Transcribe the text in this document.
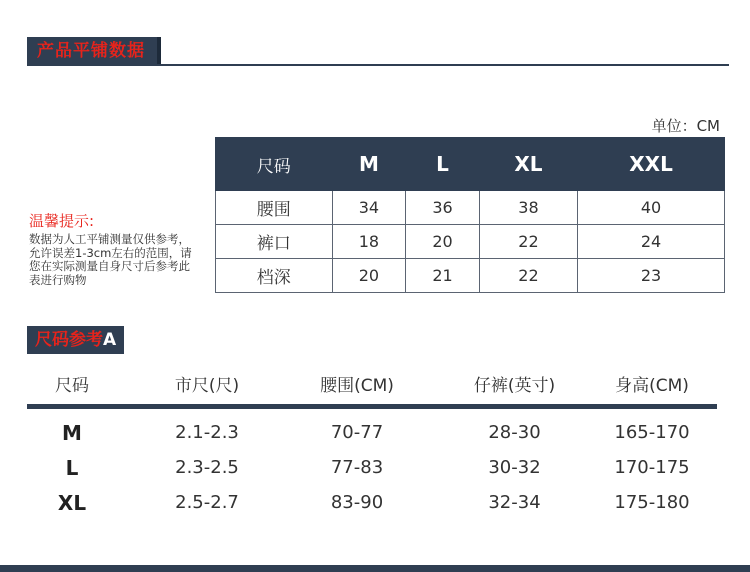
产品平铺数据
单位：CM
尺码	M	L	XL	XXL
腰围	34	36	38	40
裤口	18	20	22	24
档深	20	21	22	23
温馨提示:
数据为人工平铺测量仅供参考，允许误差1-3cm左右的范围，请您在实际测量自身尺寸后参考此表进行购物
尺码参考A
尺码	市尺(尺)	腰围(CM)	仔裤(英寸)	身高(CM)
M	2.1-2.3	70-77	28-30	165-170
L	2.3-2.5	77-83	30-32	170-175
XL	2.5-2.7	83-90	32-34	175-180
